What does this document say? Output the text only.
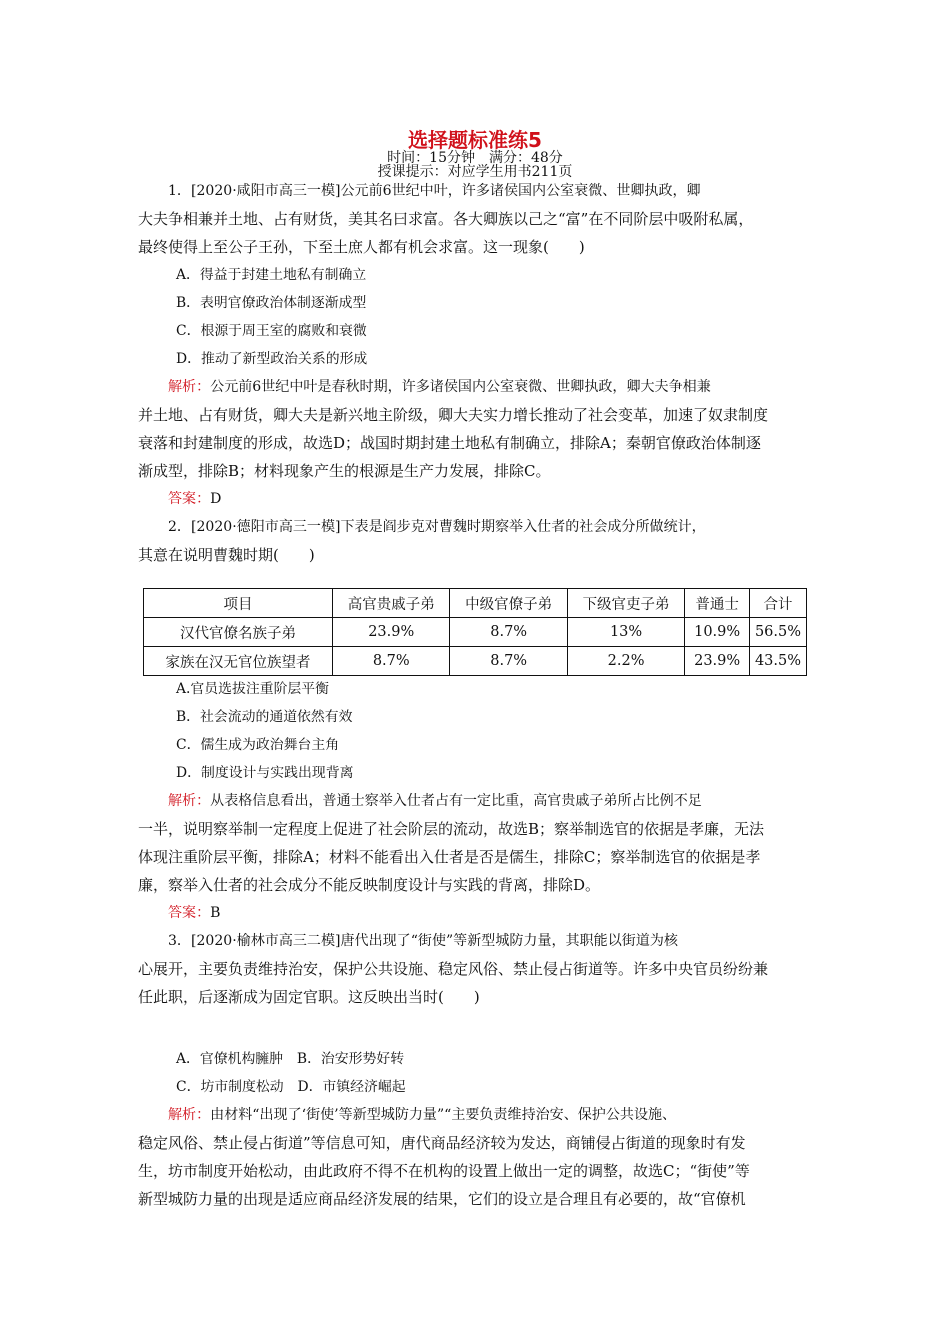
选择题标准练5
时间：15分钟　满分：48分
授课提示：对应学生用书211页
1．[2020·咸阳市高三一模]公元前6世纪中叶，许多诸侯国内公室衰微、世卿执政，卿
大夫争相兼并土地、占有财货，美其名曰求富。各大卿族以己之“富”在不同阶层中吸附私属，
最终使得上至公子王孙，下至土庶人都有机会求富。这一现象(　　)
A．得益于封建土地私有制确立
B．表明官僚政治体制逐渐成型
C．根源于周王室的腐败和衰微
D．推动了新型政治关系的形成
解析：公元前6世纪中叶是春秋时期，许多诸侯国内公室衰微、世卿执政，卿大夫争相兼
并土地、占有财货，卿大夫是新兴地主阶级，卿大夫实力增长推动了社会变革，加速了奴隶制度
衰落和封建制度的形成，故选D；战国时期封建土地私有制确立，排除A；秦朝官僚政治体制逐
渐成型，排除B；材料现象产生的根源是生产力发展，排除C。
答案：D
2．[2020·德阳市高三一模]下表是阎步克对曹魏时期察举入仕者的社会成分所做统计，
其意在说明曹魏时期(　　)
项目	高官贵戚子弟	中级官僚子弟	下级官吏子弟	普通士	合计
汉代官僚名族子弟	23.9%	8.7%	13%	10.9%	56.5%
家族在汉无官位族望者	8.7%	8.7%	2.2%	23.9%	43.5%
A.官员选拔注重阶层平衡
B．社会流动的通道依然有效
C．儒生成为政治舞台主角
D．制度设计与实践出现背离
解析：从表格信息看出，普通士察举入仕者占有一定比重，高官贵戚子弟所占比例不足
一半，说明察举制一定程度上促进了社会阶层的流动，故选B；察举制选官的依据是孝廉，无法
体现注重阶层平衡，排除A；材料不能看出入仕者是否是儒生，排除C；察举制选官的依据是孝
廉，察举入仕者的社会成分不能反映制度设计与实践的背离，排除D。
答案：B
3．[2020·榆林市高三二模]唐代出现了“街使”等新型城防力量，其职能以街道为核
心展开，主要负责维持治安，保护公共设施、稳定风俗、禁止侵占街道等。许多中央官员纷纷兼
任此职，后逐渐成为固定官职。这反映出当时(　　)
A．官僚机构臃肿　B．治安形势好转
C．坊市制度松动　D．市镇经济崛起
解析：由材料“出现了‘街使’等新型城防力量”“主要负责维持治安、保护公共设施、
稳定风俗、禁止侵占街道”等信息可知，唐代商品经济较为发达，商铺侵占街道的现象时有发
生，坊市制度开始松动，由此政府不得不在机构的设置上做出一定的调整，故选C；“街使”等
新型城防力量的出现是适应商品经济发展的结果，它们的设立是合理且有必要的，故“官僚机
